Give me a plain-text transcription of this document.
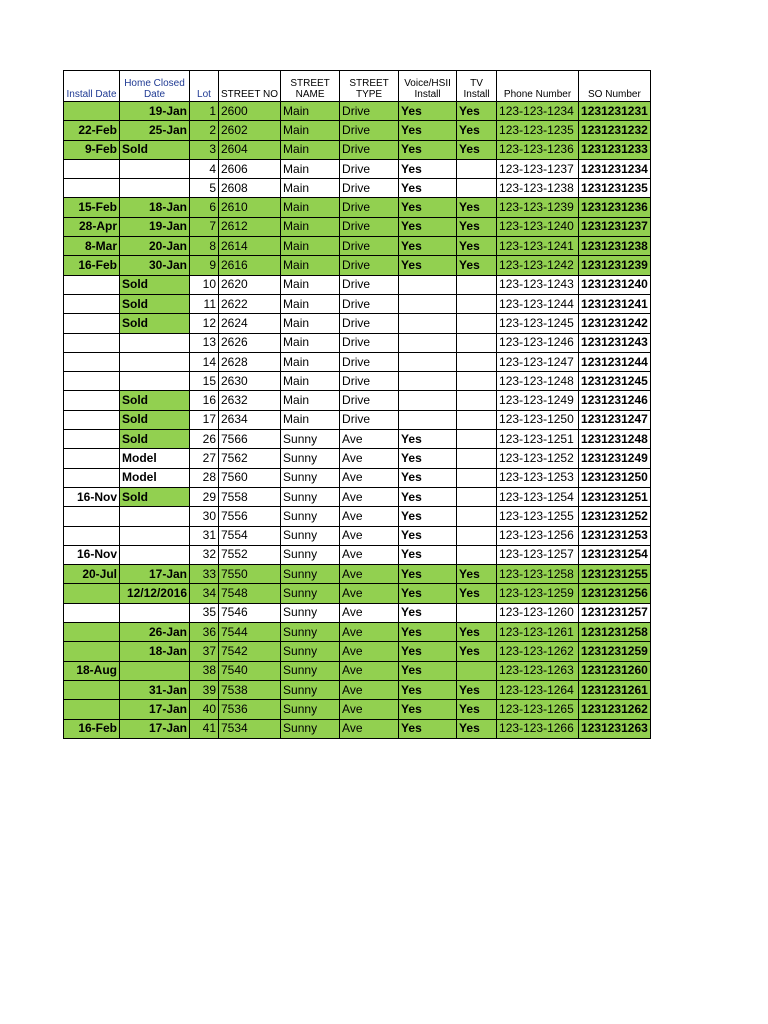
Install Date	Home Closed Date	Lot	STREET NO	STREET NAME	STREET TYPE	Voice/HSII Install	TV Install	Phone Number	SO Number
	19-Jan	1	2600	Main	Drive	Yes	Yes	123-123-1234	1231231231
22-Feb	25-Jan	2	2602	Main	Drive	Yes	Yes	123-123-1235	1231231232
9-Feb	Sold	3	2604	Main	Drive	Yes	Yes	123-123-1236	1231231233
		4	2606	Main	Drive	Yes		123-123-1237	1231231234
		5	2608	Main	Drive	Yes		123-123-1238	1231231235
15-Feb	18-Jan	6	2610	Main	Drive	Yes	Yes	123-123-1239	1231231236
28-Apr	19-Jan	7	2612	Main	Drive	Yes	Yes	123-123-1240	1231231237
8-Mar	20-Jan	8	2614	Main	Drive	Yes	Yes	123-123-1241	1231231238
16-Feb	30-Jan	9	2616	Main	Drive	Yes	Yes	123-123-1242	1231231239
	Sold	10	2620	Main	Drive			123-123-1243	1231231240
	Sold	11	2622	Main	Drive			123-123-1244	1231231241
	Sold	12	2624	Main	Drive			123-123-1245	1231231242
		13	2626	Main	Drive			123-123-1246	1231231243
		14	2628	Main	Drive			123-123-1247	1231231244
		15	2630	Main	Drive			123-123-1248	1231231245
	Sold	16	2632	Main	Drive			123-123-1249	1231231246
	Sold	17	2634	Main	Drive			123-123-1250	1231231247
	Sold	26	7566	Sunny	Ave	Yes		123-123-1251	1231231248
	Model	27	7562	Sunny	Ave	Yes		123-123-1252	1231231249
	Model	28	7560	Sunny	Ave	Yes		123-123-1253	1231231250
16-Nov	Sold	29	7558	Sunny	Ave	Yes		123-123-1254	1231231251
		30	7556	Sunny	Ave	Yes		123-123-1255	1231231252
		31	7554	Sunny	Ave	Yes		123-123-1256	1231231253
16-Nov		32	7552	Sunny	Ave	Yes		123-123-1257	1231231254
20-Jul	17-Jan	33	7550	Sunny	Ave	Yes	Yes	123-123-1258	1231231255
	12/12/2016	34	7548	Sunny	Ave	Yes	Yes	123-123-1259	1231231256
		35	7546	Sunny	Ave	Yes		123-123-1260	1231231257
	26-Jan	36	7544	Sunny	Ave	Yes	Yes	123-123-1261	1231231258
	18-Jan	37	7542	Sunny	Ave	Yes	Yes	123-123-1262	1231231259
18-Aug		38	7540	Sunny	Ave	Yes		123-123-1263	1231231260
	31-Jan	39	7538	Sunny	Ave	Yes	Yes	123-123-1264	1231231261
	17-Jan	40	7536	Sunny	Ave	Yes	Yes	123-123-1265	1231231262
16-Feb	17-Jan	41	7534	Sunny	Ave	Yes	Yes	123-123-1266	1231231263
